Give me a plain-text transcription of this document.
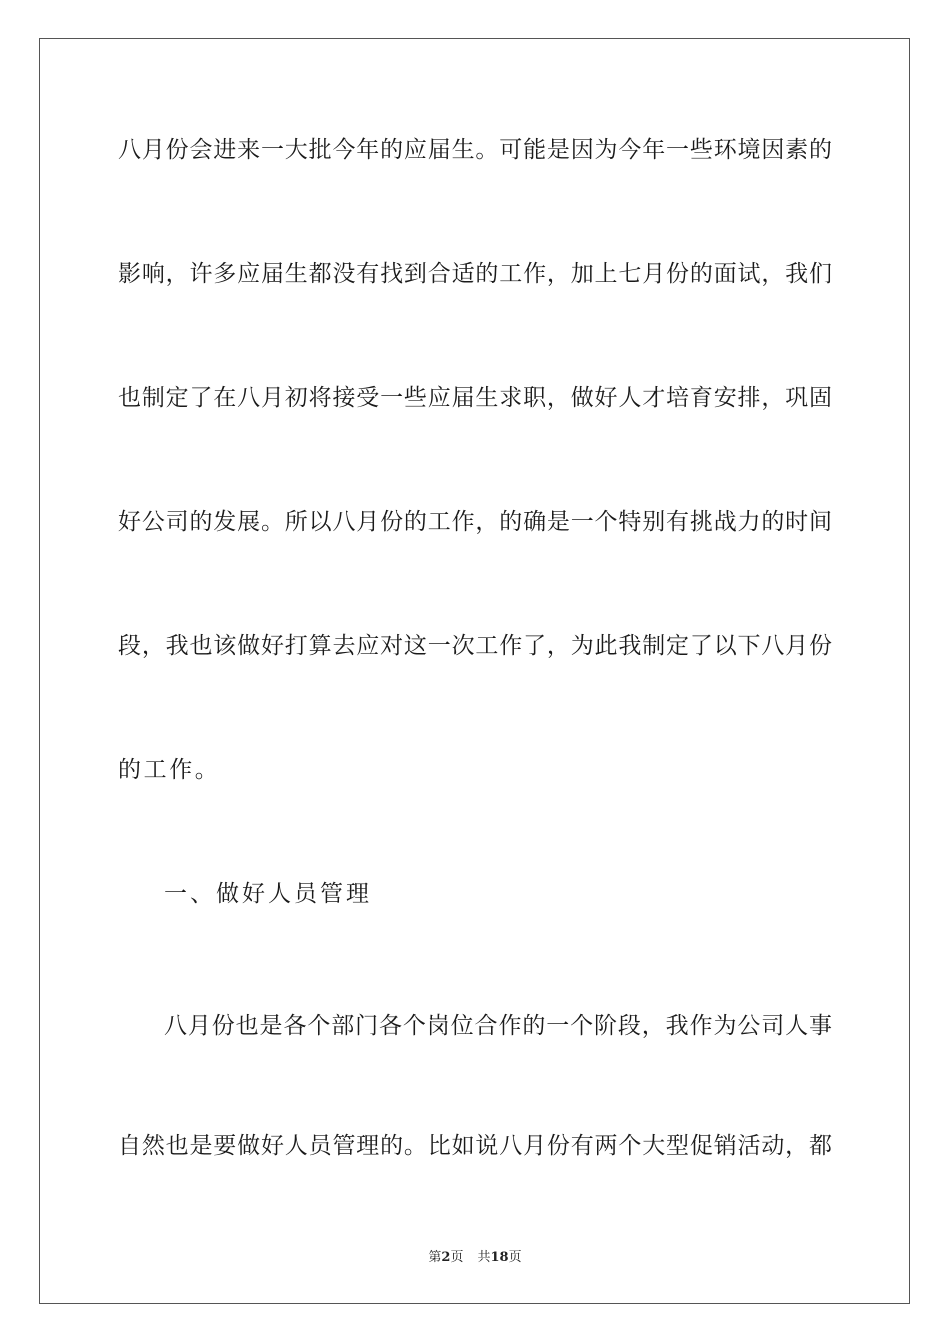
八月份会进来一大批今年的应届生。可能是因为今年一些环境因素的
影响，许多应届生都没有找到合适的工作，加上七月份的面试，我们
也制定了在八月初将接受一些应届生求职，做好人才培育安排，巩固
好公司的发展。所以八月份的工作，的确是一个特别有挑战力的时间
段，我也该做好打算去应对这一次工作了，为此我制定了以下八月份
的工作。
一、做好人员管理
八月份也是各个部门各个岗位合作的一个阶段，我作为公司人事
自然也是要做好人员管理的。比如说八月份有两个大型促销活动，都
第2页 共18页
